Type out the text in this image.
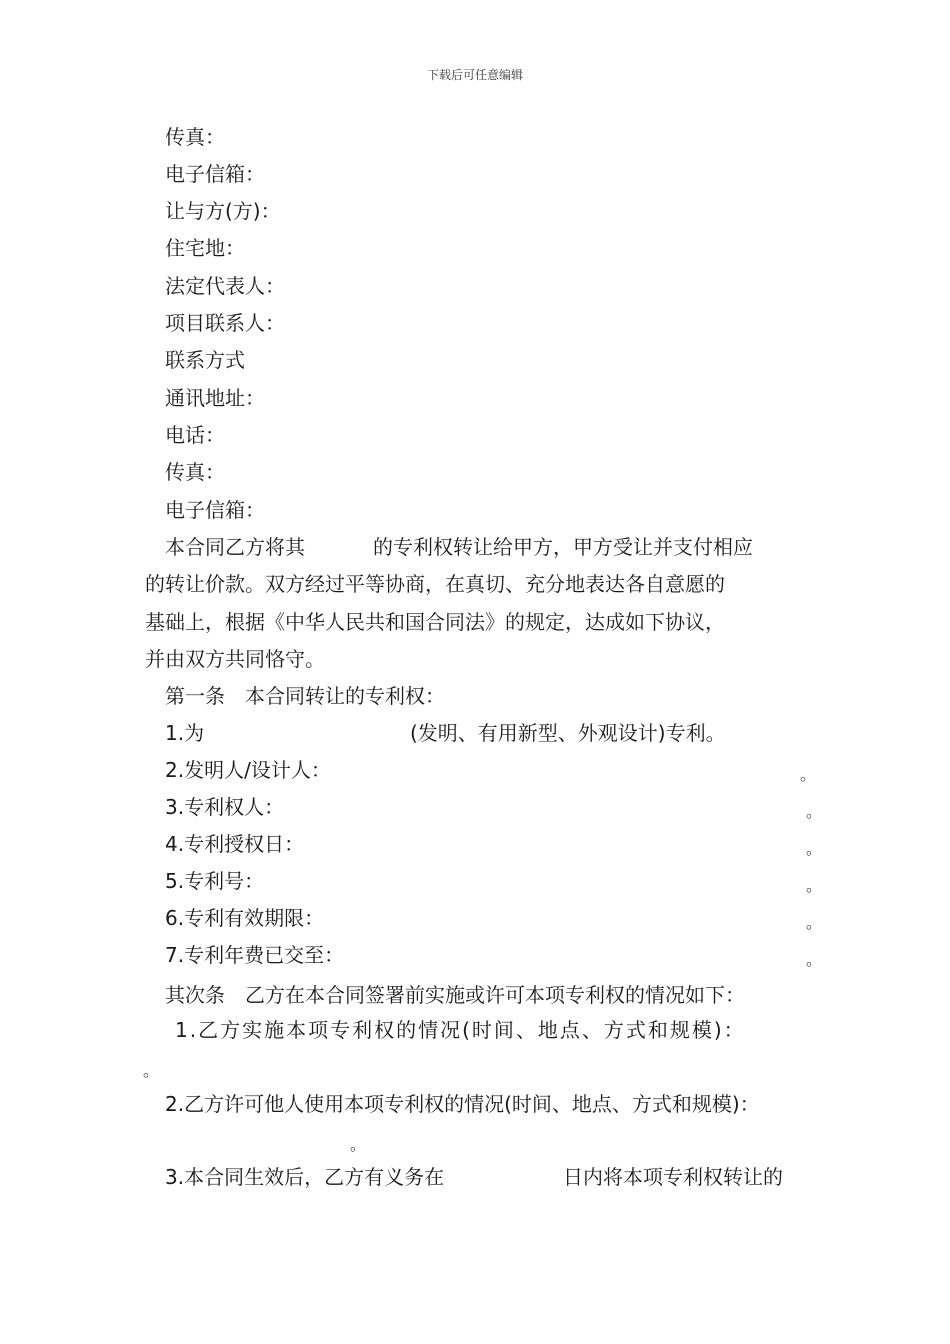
下载后可任意编辑
传真：
电子信箱：
让与方(方)：
住宅地：
法定代表人：
项目联系人：
联系方式
通讯地址：
电话：
传真：
电子信箱：
本合同乙方将其	的专利权转让给甲方，甲方受让并支付相应
的转让价款。双方经过平等协商，在真切、充分地表达各自意愿的
基础上，根据《中华人民共和国合同法》的规定，达成如下协议，
并由双方共同恪守。
第一条　本合同转让的专利权：
1.为	(发明、有用新型、外观设计)专利。
2.发明人/设计人：	。
3.专利权人：	。
4.专利授权日：	。
5.专利号：	。
6.专利有效期限：	。
7.专利年费已交至：	。
其次条　乙方在本合同签署前实施或许可本项专利权的情况如下：
1.乙方实施本项专利权的情况(时间、地点、方式和规模)：
。
2.乙方许可他人使用本项专利权的情况(时间、地点、方式和规模)：
。
3.本合同生效后，乙方有义务在	日内将本项专利权转让的
